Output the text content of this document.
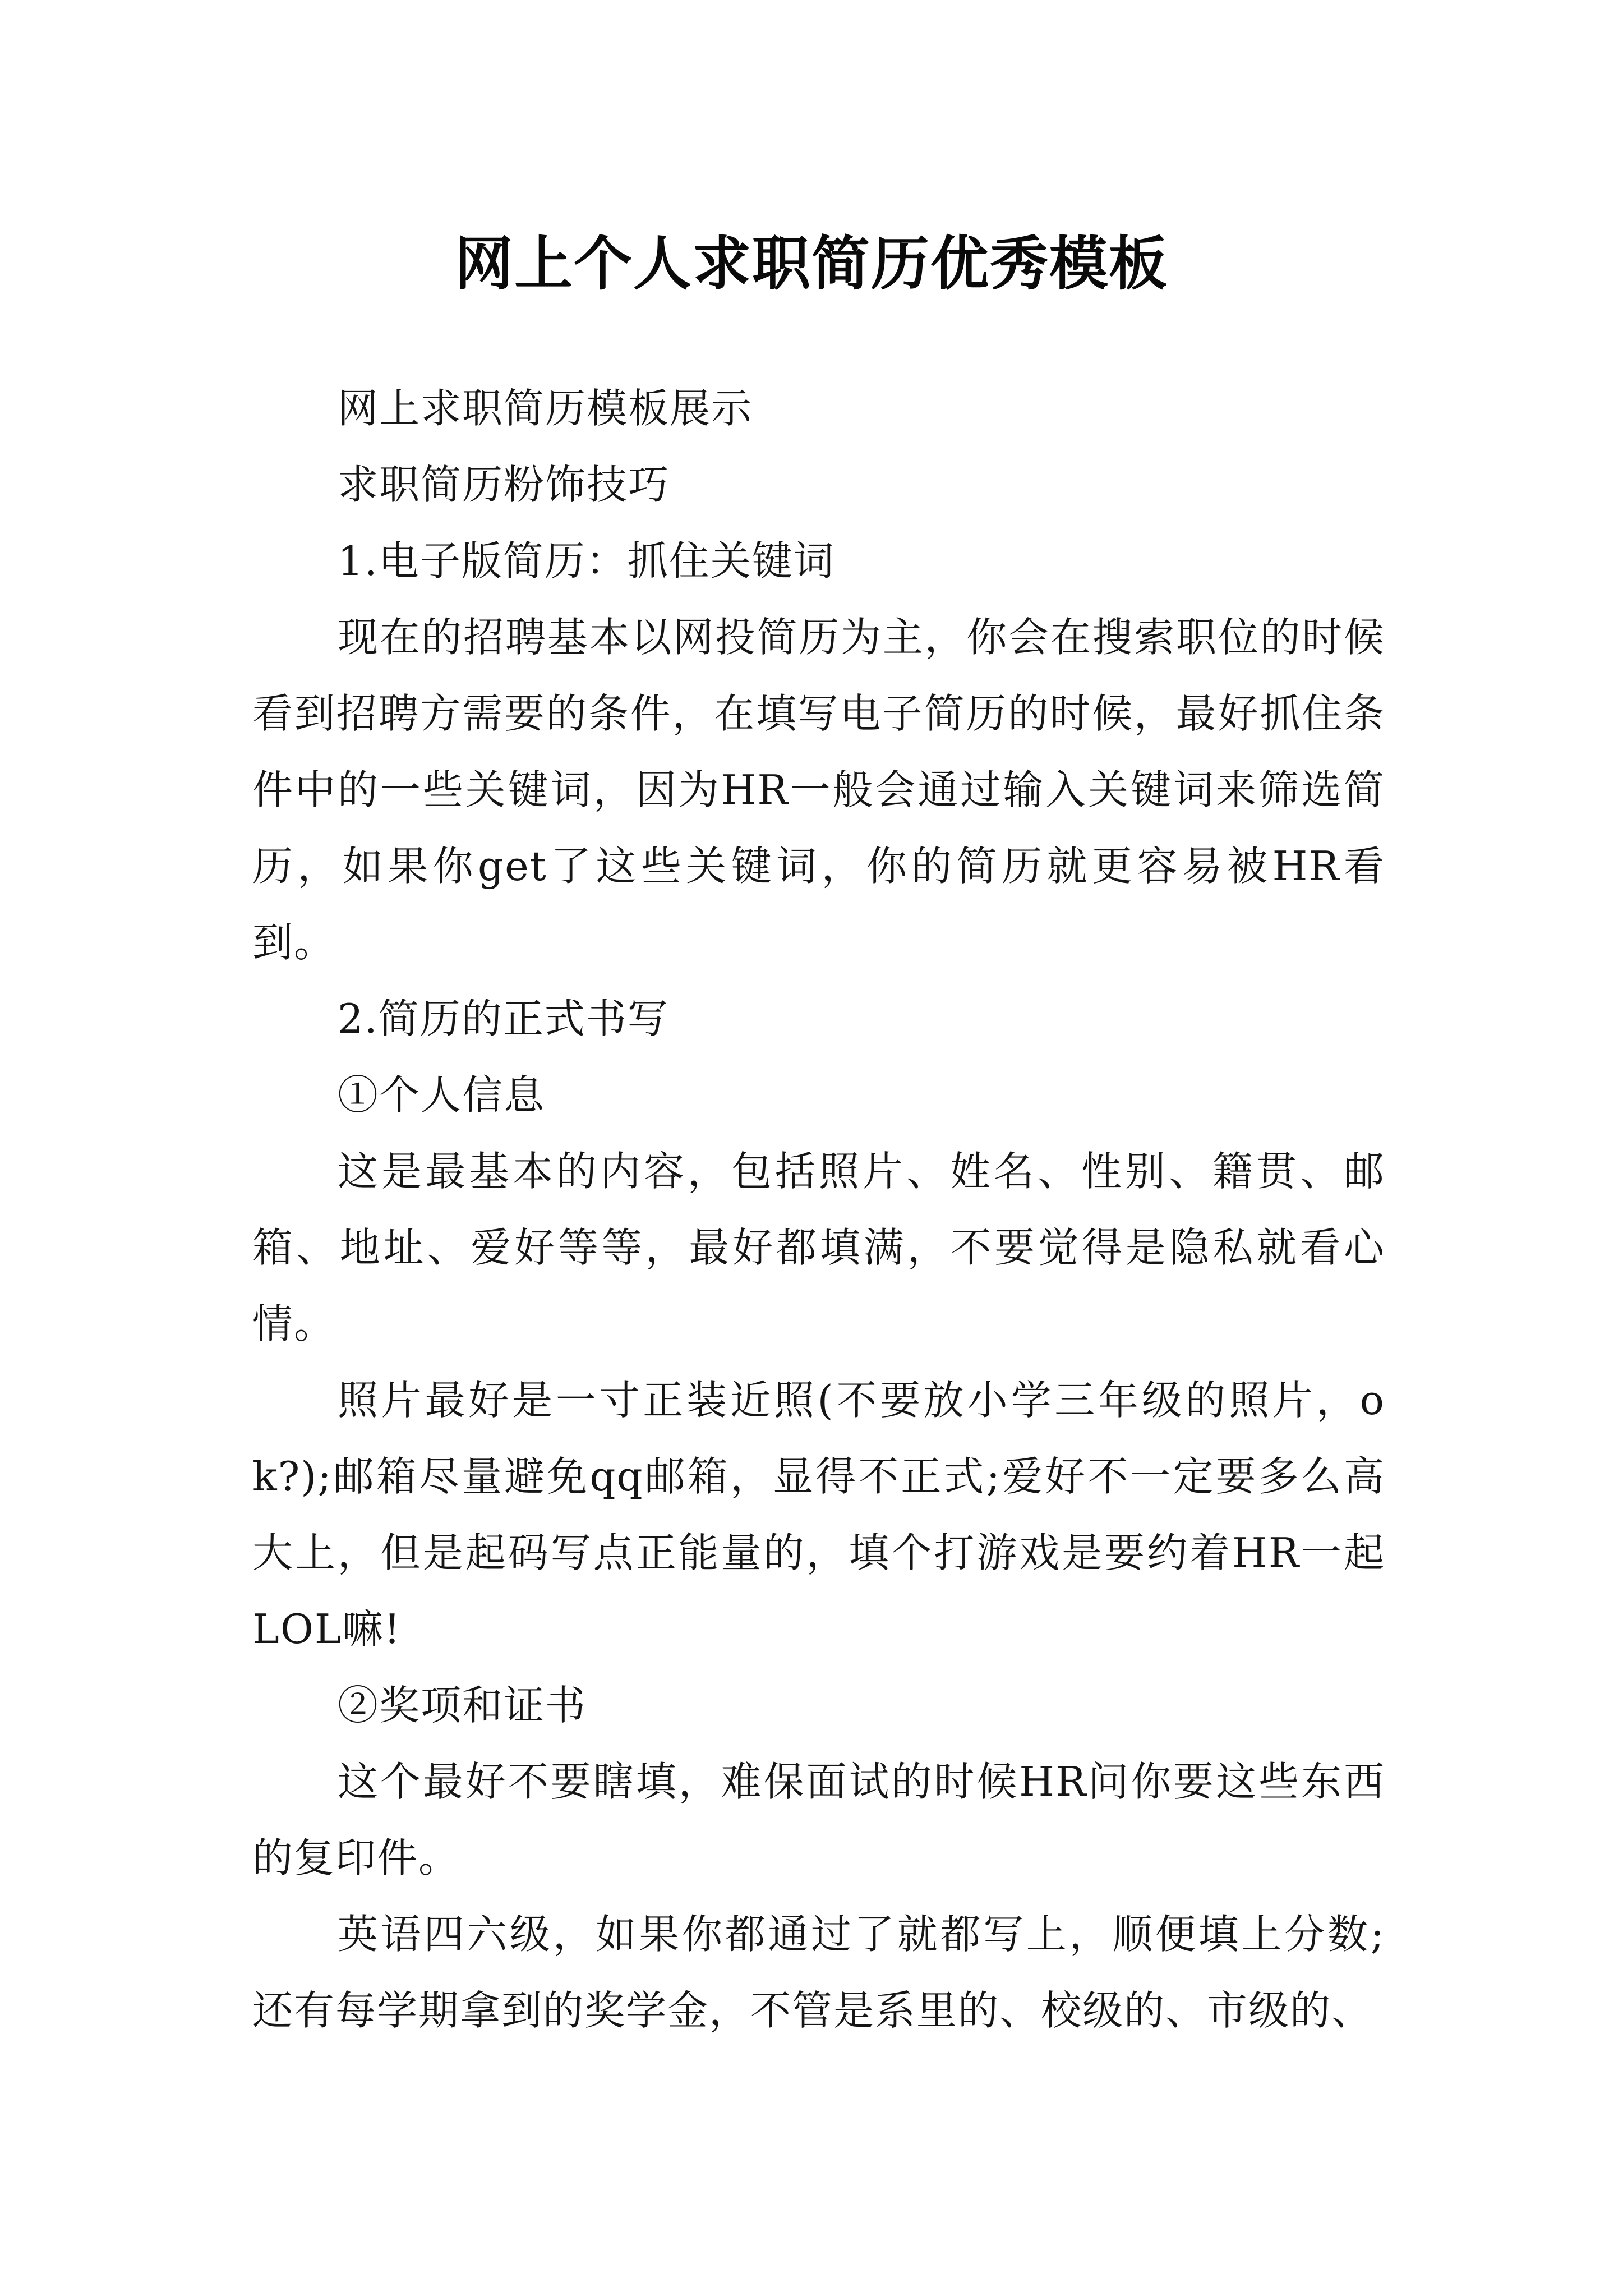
网上个人求职简历优秀模板

网上求职简历模板展示

求职简历粉饰技巧

1.电子版简历：抓住关键词

现在的招聘基本以网投简历为主，你会在搜索职位的时候看到招聘方需要的条件，在填写电子简历的时候，最好抓住条件中的一些关键词，因为HR一般会通过输入关键词来筛选简历，如果你get了这些关键词，你的简历就更容易被HR看到。

2.简历的正式书写

①个人信息

这是最基本的内容，包括照片、姓名、性别、籍贯、邮箱、地址、爱好等等，最好都填满，不要觉得是隐私就看心情。

照片最好是一寸正装近照(不要放小学三年级的照片，ok?);邮箱尽量避免qq邮箱，显得不正式;爱好不一定要多么高大上，但是起码写点正能量的，填个打游戏是要约着HR一起LOL嘛!

②奖项和证书

这个最好不要瞎填，难保面试的时候HR问你要这些东西的复印件。

英语四六级，如果你都通过了就都写上，顺便填上分数;还有每学期拿到的奖学金，不管是系里的、校级的、市级的、
